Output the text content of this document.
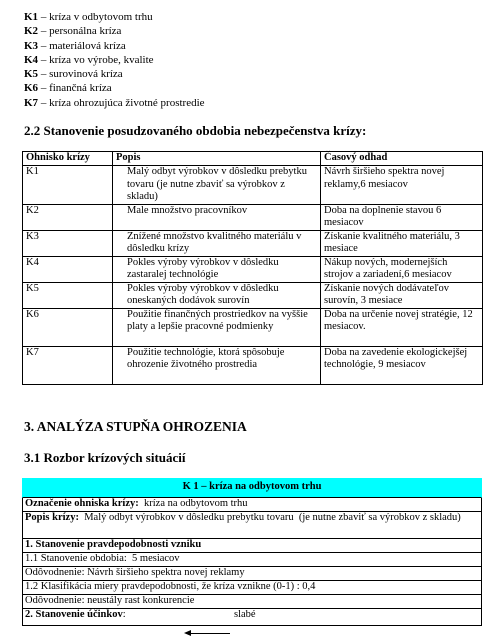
K1 – kríza v odbytovom trhu
K2 – personálna kríza
K3 – materiálová kríza
K4 – kríza vo výrobe, kvalite
K5 – surovinová kríza
K6 – finančná kríza
K7 – kríza ohrozujúca životné prostredie
2.2 Stanovenie posudzovaného obdobia nebezpečenstva krízy:
Ohnisko krízy	Popis	Časový odhad
K1	Malý odbyt výrobkov v dôsledku prebytku tovaru (je nutne zbaviť sa výrobkov z skladu)	Návrh širšieho spektra novej reklamy,6 mesiacov
K2	Male množstvo pracovníkov	Doba na doplnenie stavou 6 mesiacov
K3	Znížené množstvo kvalitného materiálu v dôsledku krízy	Získanie kvalitného materiálu, 3 mesiace
K4	Pokles výroby výrobkov v dôsledku zastaralej technológie	Nákup nových, modernejších strojov a zariadení,6 mesiacov
K5	Pokles výroby výrobkov v dôsledku oneskaných dodávok surovín	Získanie nových dodávateľov surovín, 3 mesiace
K6	Použitie finančných prostriedkov na vyššie platy a lepšie pracovné podmienky	Doba na určenie novej stratégie, 12 mesiacov.
K7	Použitie technológie, ktorá spôsobuje ohrozenie životného prostredia	Doba na zavedenie ekologickejšej technológie, 9 mesiacov
3. ANALÝZA STUPŇA OHROZENIA
3.1 Rozbor krízových situácií
K 1 – kríza na odbytovom trhu
Označenie ohniska krízy:  kríza na odbytovom trhu
Popis krízy:  Malý odbyt výrobkov v dôsledku prebytku tovaru  (je nutne zbaviť sa výrobkov z skladu)
1. Stanovenie pravdepodobnosti vzniku
1.1 Stanovenie obdobia:  5 mesiacov
Odôvodnenie: Návrh širšieho spektra novej reklamy
1.2 Klasifikácia miery pravdepodobnosti, že kríza vznikne (0-1) : 0,4
Odôvodnenie: neustály rast konkurencie
2. Stanovenie účinkov:	slabé
